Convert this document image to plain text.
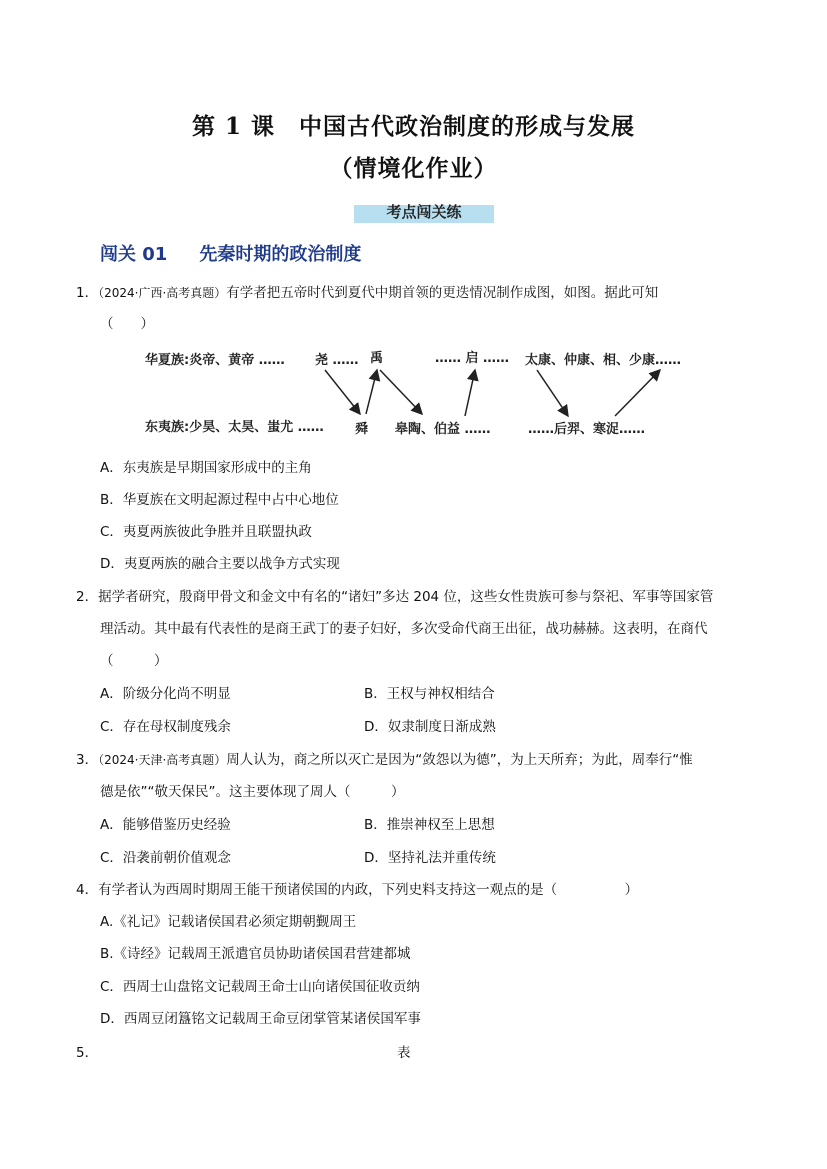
第 1 课　中国古代政治制度的形成与发展
（情境化作业）
考点闯关练
闯关 01 先秦时期的政治制度
1．（2024·广西·高考真题）有学者把五帝时代到夏代中期首领的更迭情况制作成图，如图。据此可知
（　　）
华夏族:炎帝、黄帝 …… 尧 …… 禹	…… 启 …… 太康、仲康、相、少康……
东夷族:少昊、太昊、蚩尤 …… 舜 皋陶、伯益 ……	……后羿、寒浞……
A．东夷族是早期国家形成中的主角
B．华夏族在文明起源过程中占中心地位
C．夷夏两族彼此争胜并且联盟执政
D．夷夏两族的融合主要以战争方式实现
2．据学者研究，殷商甲骨文和金文中有名的“诸妇”多达 204 位，这些女性贵族可参与祭祀、军事等国家管
理活动。其中最有代表性的是商王武丁的妻子妇好，多次受命代商王出征，战功赫赫。这表明，在商代
（　　　）
A．阶级分化尚不明显	B．王权与神权相结合
C．存在母权制度残余	D．奴隶制度日渐成熟
3．（2024·天津·高考真题）周人认为，商之所以灭亡是因为“敛怨以为德”，为上天所弃；为此，周奉行“惟
德是依”“敬天保民”。这主要体现了周人（　　　）
A．能够借鉴历史经验	B．推崇神权至上思想
C．沿袭前朝价值观念	D．坚持礼法并重传统
4．有学者认为西周时期周王能干预诸侯国的内政，下列史料支持这一观点的是（　　　　　）
A.《礼记》记载诸侯国君必须定期朝觐周王
B.《诗经》记载周王派遣官员协助诸侯国君营建都城
C．西周士山盘铭文记载周王命士山向诸侯国征收贡纳
D．西周豆闭簋铭文记载周王命豆闭掌管某诸侯国军事
5．	表
